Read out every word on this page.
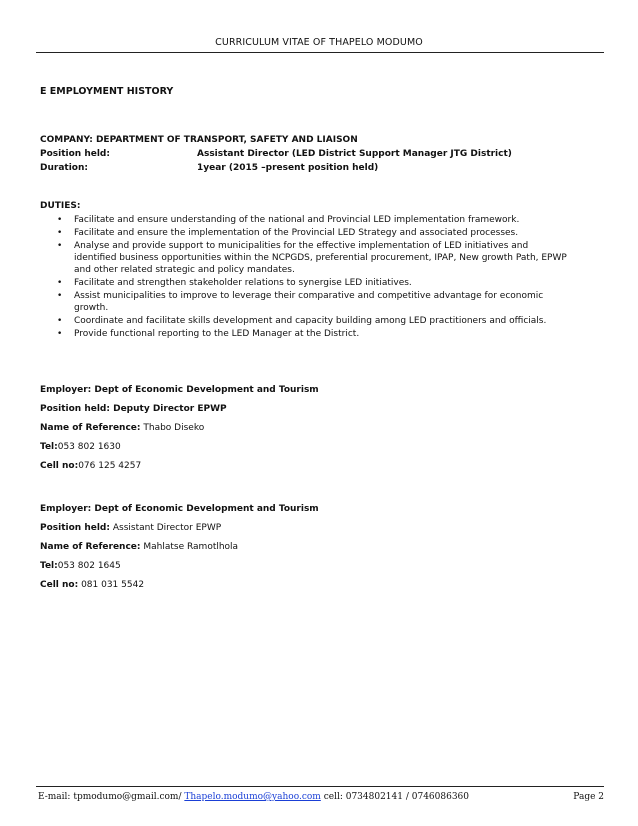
CURRICULUM VITAE OF THAPELO MODUMO
E EMPLOYMENT HISTORY
COMPANY: DEPARTMENT OF TRANSPORT, SAFETY AND LIAISON
Position held:	Assistant Director (LED District Support Manager JTG District)
Duration:	1year (2015 –present position held)
DUTIES:
• Facilitate and ensure understanding of the national and Provincial LED implementation framework.
• Facilitate and ensure the implementation of the Provincial LED Strategy and associated processes.
• Analyse and provide support to municipalities for the effective implementation of LED initiatives and identified business opportunities within the NCPGDS, preferential procurement, IPAP, New growth Path, EPWP and other related strategic and policy mandates.
• Facilitate and strengthen stakeholder relations to synergise LED initiatives.
• Assist municipalities to improve to leverage their comparative and competitive advantage for economic growth.
• Coordinate and facilitate skills development and capacity building among LED practitioners and officials.
• Provide functional reporting to the LED Manager at the District.
Employer: Dept of Economic Development and Tourism
Position held: Deputy Director EPWP
Name of Reference: Thabo Diseko
Tel:053 802 1630
Cell no:076 125 4257
Employer: Dept of Economic Development and Tourism
Position held: Assistant Director EPWP
Name of Reference: Mahlatse Ramotlhola
Tel:053 802 1645
Cell no: 081 031 5542
E-mail: tpmodumo@gmail.com/ Thapelo.modumo@yahoo.com cell: 0734802141 / 0746086360	Page 2
